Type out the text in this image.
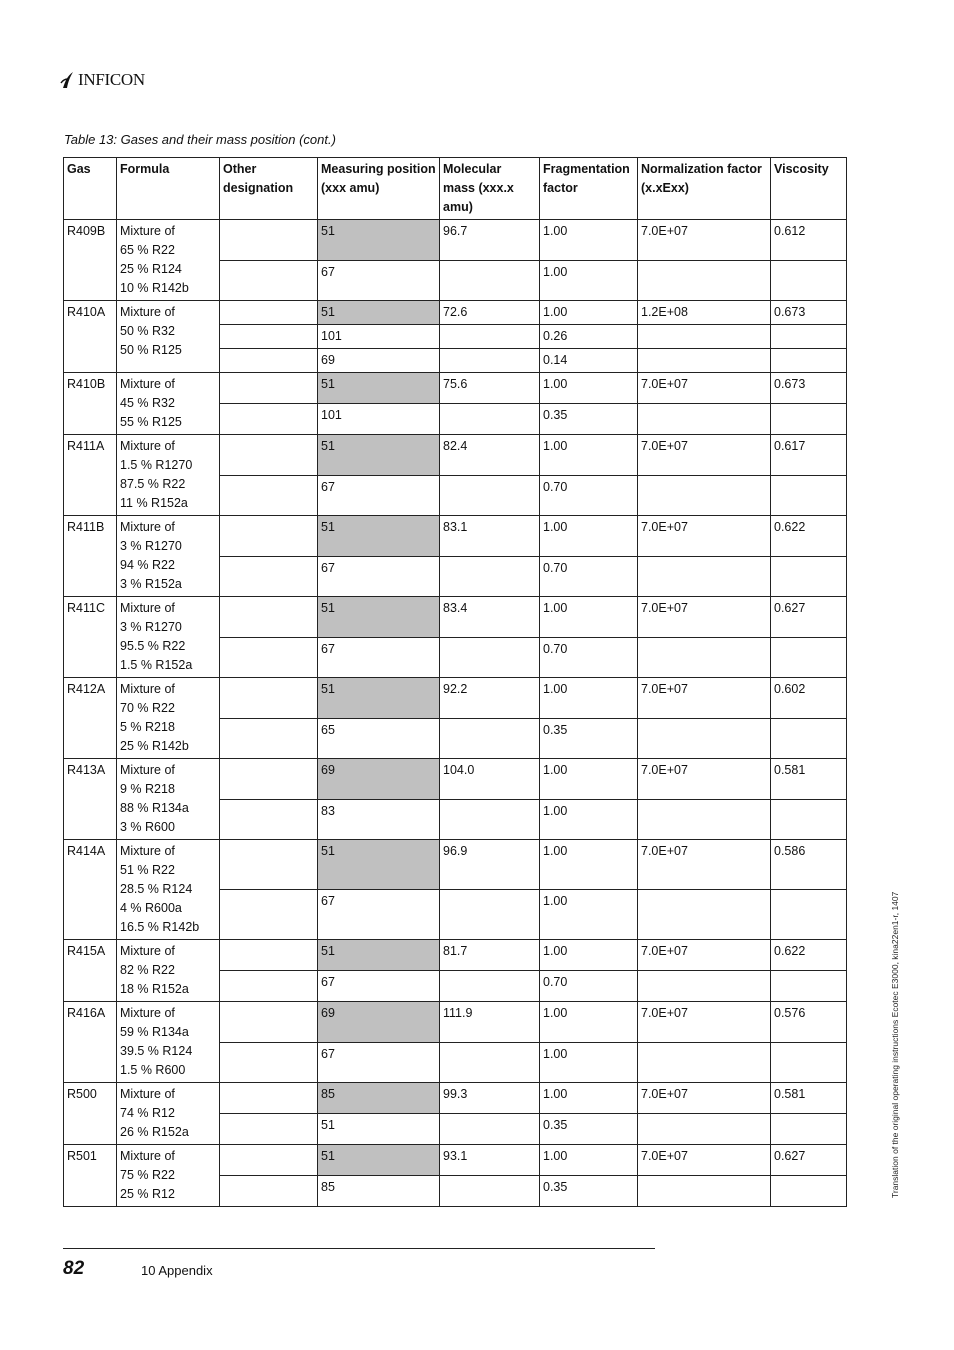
INFICON
Table 13: Gases and their mass position (cont.)
Gas	Formula	Other designation	Measuring position (xxx amu)	Molecular mass (xxx.x amu)	Fragmentation factor	Normalization factor (x.xExx)	Viscosity
R409B	Mixture of
65 % R22
25 % R124
10 % R142b		51	96.7	1.00	7.0E+07	0.612
			67		1.00		
R410A	Mixture of
50 % R32
50 % R125		51	72.6	1.00	1.2E+08	0.673
			101		0.26		
			69		0.14		
R410B	Mixture of
45 % R32
55 % R125		51	75.6	1.00	7.0E+07	0.673
			101		0.35		
R411A	Mixture of
1.5 % R1270
87.5 % R22
11 % R152a		51	82.4	1.00	7.0E+07	0.617
			67		0.70		
R411B	Mixture of
3 % R1270
94 % R22
3 % R152a		51	83.1	1.00	7.0E+07	0.622
			67		0.70		
R411C	Mixture of
3 % R1270
95.5 % R22
1.5 % R152a		51	83.4	1.00	7.0E+07	0.627
			67		0.70		
R412A	Mixture of
70 % R22
5 % R218
25 % R142b		51	92.2	1.00	7.0E+07	0.602
			65		0.35		
R413A	Mixture of
9 % R218
88 % R134a
3 % R600		69	104.0	1.00	7.0E+07	0.581
			83		1.00		
R414A	Mixture of
51 % R22
28.5 % R124
4 % R600a
16.5 % R142b		51	96.9	1.00	7.0E+07	0.586
			67		1.00		
R415A	Mixture of
82 % R22
18 % R152a		51	81.7	1.00	7.0E+07	0.622
			67		0.70		
R416A	Mixture of
59 % R134a
39.5 % R124
1.5 % R600		69	111.9	1.00	7.0E+07	0.576
			67		1.00		
R500	Mixture of
74 % R12
26 % R152a		85	99.3	1.00	7.0E+07	0.581
			51		0.35		
R501	Mixture of
75 % R22
25 % R12		51	93.1	1.00	7.0E+07	0.627
			85		0.35		
82	10 Appendix
Translation of the original operating instructions Ecotec E3000, kina22en1-r, 1407
